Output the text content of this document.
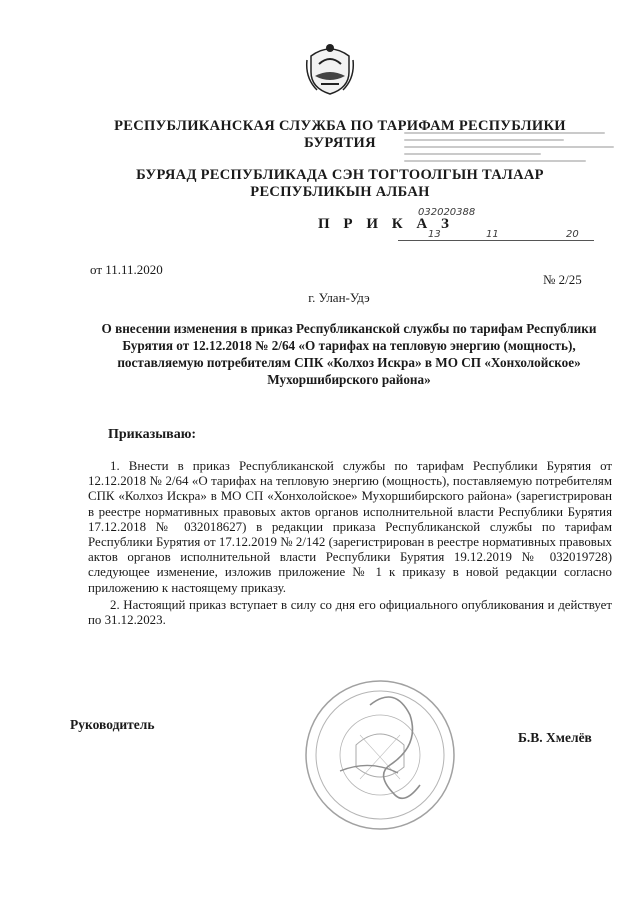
РЕСПУБЛИКАНСКАЯ СЛУЖБА ПО ТАРИФАМ РЕСПУБЛИКИ БУРЯТИЯ
БУРЯАД РЕСПУБЛИКАДА СЭН ТОГТООЛГЫН ТАЛААР РЕСПУБЛИКЫН АЛБАН
П Р И К А З
032020388
13	11	20
от 11.11.2020
№ 2/25
г. Улан-Удэ
О внесении изменения в приказ Республиканской службы по тарифам Республики Бурятия от 12.12.2018 № 2/64 «О тарифах на тепловую энергию (мощность), поставляемую потребителям СПК «Колхоз Искра» в МО СП «Хонхолойское» Мухоршибирского района»
Приказываю:

1. Внести в приказ Республиканской службы по тарифам Республики Бурятия от 12.12.2018 № 2/64 «О тарифах на тепловую энергию (мощность), поставляемую потребителям СПК «Колхоз Искра» в МО СП «Хонхолойское» Мухоршибирского района» (зарегистрирован в реестре нормативных правовых актов органов исполнительной власти Республики Бурятия 17.12.2018 № 032018627) в редакции приказа Республиканской службы по тарифам Республики Бурятия от 17.12.2019 № 2/142 (зарегистрирован в реестре нормативных правовых актов органов исполнительной власти Республики Бурятия 19.12.2019 № 032019728) следующее изменение, изложив приложение № 1 к приказу в новой редакции согласно приложению к настоящему приказу.

2. Настоящий приказ вступает в силу со дня его официального опубликования и действует по 31.12.2023.

Руководитель
Б.В. Хмелёв
